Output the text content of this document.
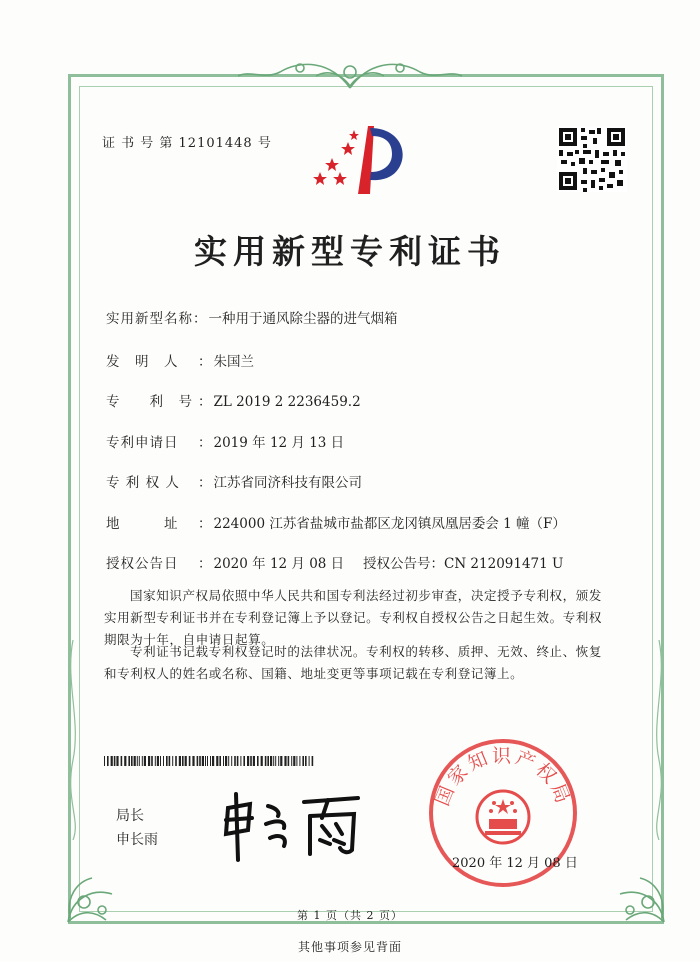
证 书 号 第 12101448 号
实用新型专利证书
实用新型名称： 一种用于通风除尘器的进气烟箱
发　明　人 ： 朱国兰
专　　利　号 ： ZL 2019 2 2236459.2
专利申请日 ： 2019 年 12 月 13 日
专 利 权 人 ： 江苏省同济科技有限公司
地　　　址 ： 224000 江苏省盐城市盐都区龙冈镇凤凰居委会 1 幢（F）
授权公告日 ： 2020 年 12 月 08 日 授权公告号：CN 212091471 U
国家知识产权局依照中华人民共和国专利法经过初步审查，决定授予专利权，颁发实用新型专利证书并在专利登记簿上予以登记。专利权自授权公告之日起生效。专利权期限为十年，自申请日起算。
专利证书记载专利权登记时的法律状况。专利权的转移、质押、无效、终止、恢复和专利权人的姓名或名称、国籍、地址变更等事项记载在专利登记簿上。
局长
申长雨
国家知识产权局
2020 年 12 月 08 日
第 1 页（共 2 页）
其他事项参见背面
